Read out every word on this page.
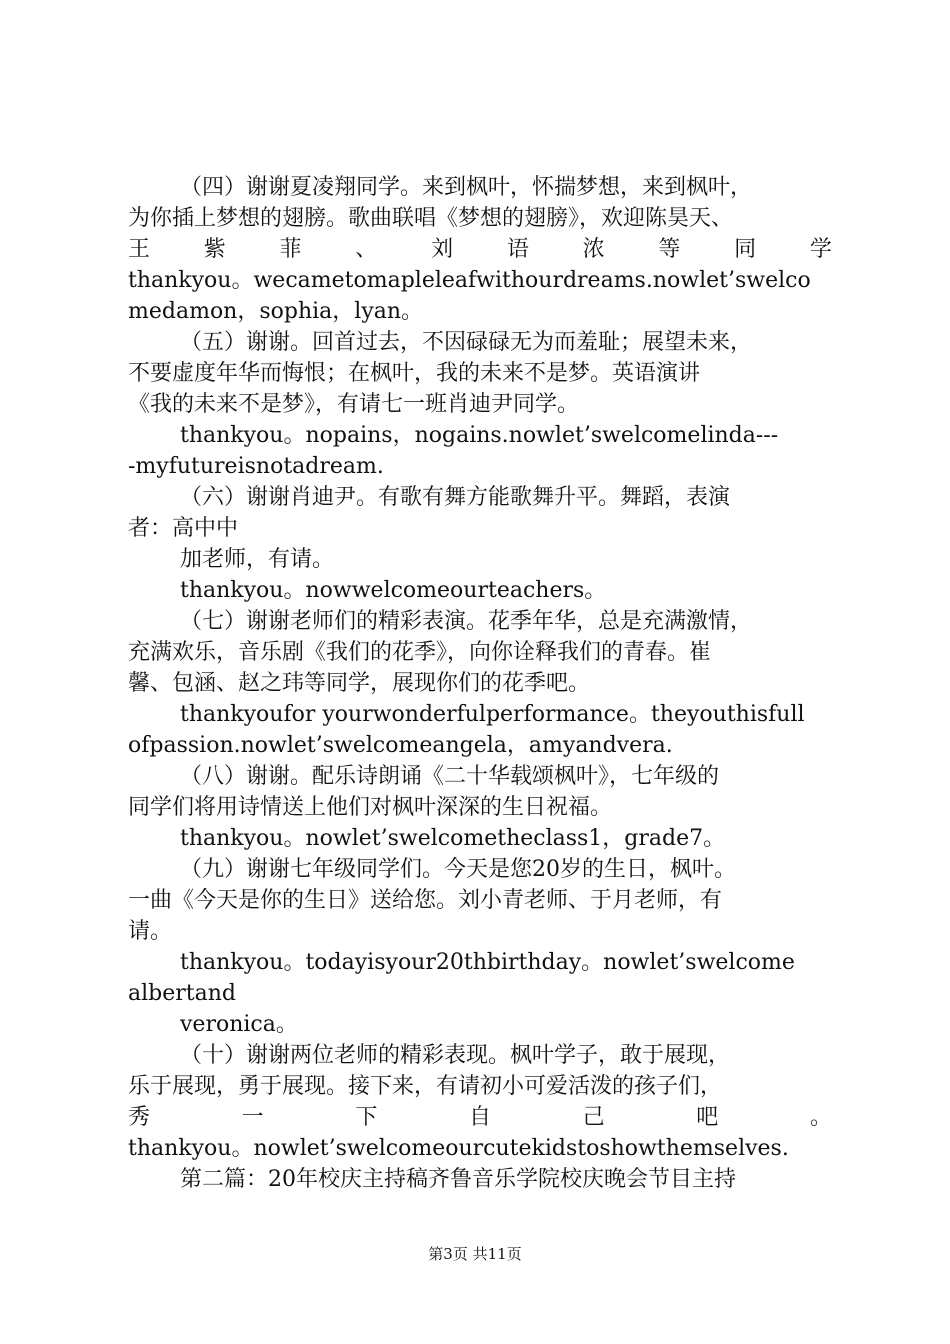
（四）谢谢夏凌翔同学。来到枫叶，怀揣梦想，来到枫叶，
为你插上梦想的翅膀。歌曲联唱《梦想的翅膀》，欢迎陈昊天、
王 紫 菲 、 刘 语 浓 等 同 学
thankyou。wecametomapleleafwithourdreams.nowlet’swelco
medamon，sophia，lyan。
（五）谢谢。回首过去，不因碌碌无为而羞耻；展望未来，
不要虚度年华而悔恨；在枫叶，我的未来不是梦。英语演讲
《我的未来不是梦》，有请七一班肖迪尹同学。
thankyou。nopains，nogains.nowlet’swelcomelinda---
-myfutureisnotadream.
（六）谢谢肖迪尹。有歌有舞方能歌舞升平。舞蹈，表演
者：高中中
加老师，有请。
thankyou。nowwelcomeourteachers。
（七）谢谢老师们的精彩表演。花季年华，总是充满激情，
充满欢乐，音乐剧《我们的花季》，向你诠释我们的青春。崔
馨、包涵、赵之玮等同学，展现你们的花季吧。
thankyoufor yourwonderfulperformance。theyouthisfull
ofpassion.nowlet’swelcomeangela，amyandvera.
（八）谢谢。配乐诗朗诵《二十华载颂枫叶》，七年级的
同学们将用诗情送上他们对枫叶深深的生日祝福。
thankyou。nowlet’swelcometheclass1，grade7。
（九）谢谢七年级同学们。今天是您20岁的生日，枫叶。
一曲《今天是你的生日》送给您。刘小青老师、于月老师，有
请。
thankyou。todayisyour20thbirthday。nowlet’swelcome
albertand
veronica。
（十）谢谢两位老师的精彩表现。枫叶学子，敢于展现，
乐于展现，勇于展现。接下来，有请初小可爱活泼的孩子们，
秀	一	下	自	己	吧	。
thankyou。nowlet’swelcomeourcutekidstoshowthemselves.
第二篇：20年校庆主持稿齐鲁音乐学院校庆晚会节目主持
第3页 共11页
